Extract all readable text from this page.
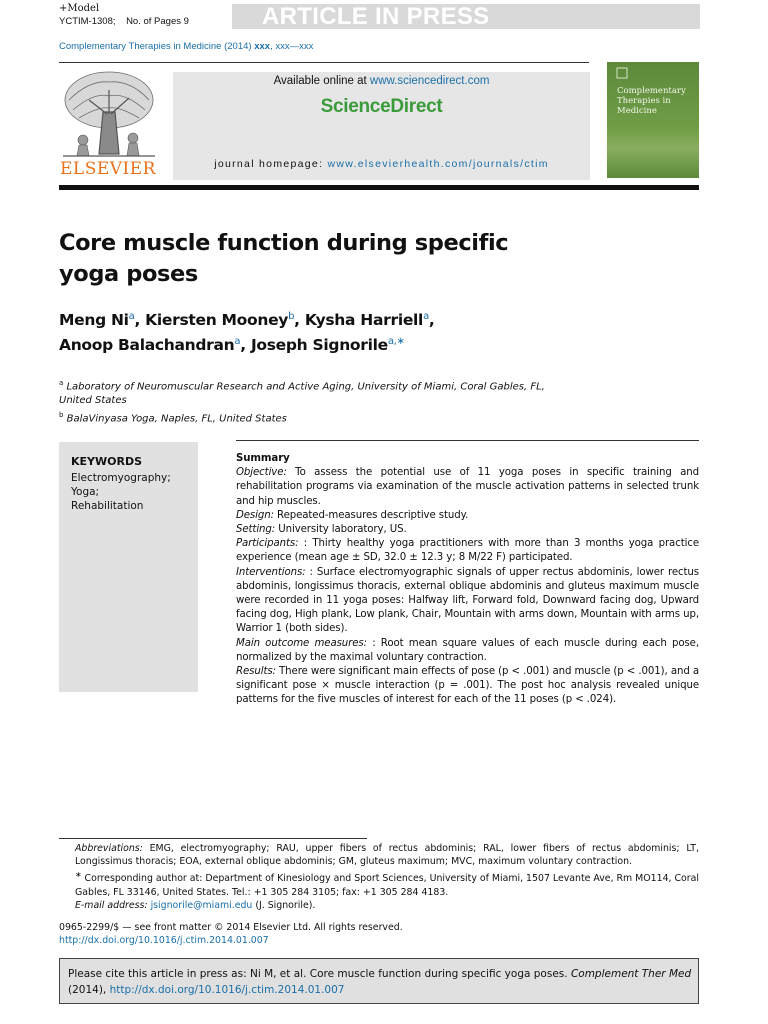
+Model
YCTIM-1308; No. of Pages 9	ARTICLE IN PRESS
Complementary Therapies in Medicine (2014) xxx, xxx—xxx
ELSEVIER
Available online at www.sciencedirect.com
ScienceDirect
journal homepage: www.elsevierhealth.com/journals/ctim
Complementary Therapies in Medicine
Core muscle function during specific
yoga poses
Meng Ni$^a$, Kiersten Mooney$^b$, Kysha Harriell$^a$,
Anoop Balachandran$^a$, Joseph Signorile$^{a,∗}$
$^a$ Laboratory of Neuromuscular Research and Active Aging, University of Miami, Coral Gables, FL, United States
$^b$ BalaVinyasa Yoga, Naples, FL, United States
KEYWORDS
Electromyography;
Yoga;
Rehabilitation

Summary

Objective: To assess the potential use of 11 yoga poses in specific training and rehabilitation programs via examination of the muscle activation patterns in selected trunk and hip muscles.

Design: Repeated-measures descriptive study.

Setting: University laboratory, US.

Participants: : Thirty healthy yoga practitioners with more than 3 months yoga practice experience (mean age ± SD, 32.0 ± 12.3 y; 8 M/22 F) participated.

Interventions: : Surface electromyographic signals of upper rectus abdominis, lower rectus abdominis, longissimus thoracis, external oblique abdominis and gluteus maximum muscle were recorded in 11 yoga poses: Halfway lift, Forward fold, Downward facing dog, Upward facing dog, High plank, Low plank, Chair, Mountain with arms down, Mountain with arms up, Warrior 1 (both sides).

Main outcome measures: : Root mean square values of each muscle during each pose, normalized by the maximal voluntary contraction.

Results: There were significant main effects of pose (p < .001) and muscle (p < .001), and a significant pose × muscle interaction (p = .001). The post hoc analysis revealed unique patterns for the five muscles of interest for each of the 11 poses (p < .024).

Abbreviations: EMG, electromyography; RAU, upper fibers of rectus abdominis; RAL, lower fibers of rectus abdominis; LT, Longissimus thoracis; EOA, external oblique abdominis; GM, gluteus maximum; MVC, maximum voluntary contraction.

∗ Corresponding author at: Department of Kinesiology and Sport Sciences, University of Miami, 1507 Levante Ave, Rm MO114, Coral Gables, FL 33146, United States. Tel.: +1 305 284 3105; fax: +1 305 284 4183.

E-mail address: jsignorile@miami.edu (J. Signorile).

0965-2299/$ — see front matter © 2014 Elsevier Ltd. All rights reserved.

http://dx.doi.org/10.1016/j.ctim.2014.01.007

Please cite this article in press as: Ni M, et al. Core muscle function during specific yoga poses. Complement Ther Med (2014), http://dx.doi.org/10.1016/j.ctim.2014.01.007
